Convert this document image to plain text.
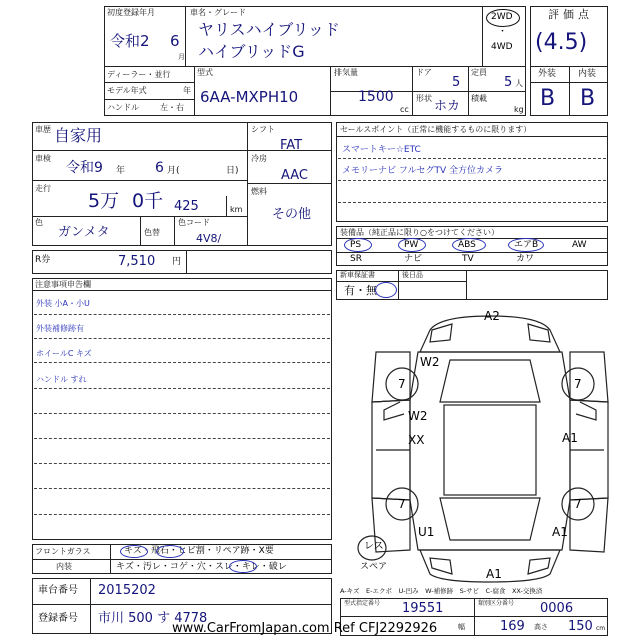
初度登録年月
令和2 6
月
車名・グレード
ヤリスハイブリッド
ハイブリッドG
2WD
・
4WD
ディーラー・並行
モデル年式	年
ハンドル	左・右
型式
6AA-MXPH10
排気量
1500
cc
ドア
5
定員
5 人
形状
ホカ
積載
kg
評価点
(4.5)
外装 内装
B B
車歴 自家用
車検
令和9 年 6 月(	日)
走行
5万 0千 425	km
色
ガンメタ	色替
色コード
4V8/
シフト
FAT
冷房
AAC
燃料
その他
セールスポイント（正常に機能するものに限ります）
スマートキー☆ETC
メモリーナビ フルセグTV 全方位カメラ
装備品（純正品に限り○をつけてください）
PS	PW	ABS	エアB	AW
SR	ナビ	TV	カワ
新車保証書	後日品
有・無
R券	7,510 円
注意事項申告欄
外装 小A・小U
外装補修跡有
ホイールC キズ
ハンドル すれ
フロントガラス
内装
キズ・飛石・ヒビ割・リペア跡・X要
キズ・汚レ・コゲ・穴・スレ・キレ・破レ
車台番号 2015202
登録番号 市川 500 す 4778
型式指定番号 19551	類別区分番号 0006
幅	169 高さ 150 cm
A2
W2
7	7
W2
XX	A1
7	7
U1	A1
A1
レス
スペア
A-キズ　E-エクボ　U-凹み　W-補修跡　S-サビ　C-腐食　XX-交換済
www.CarFromJapan.com Ref CFJ2292926
